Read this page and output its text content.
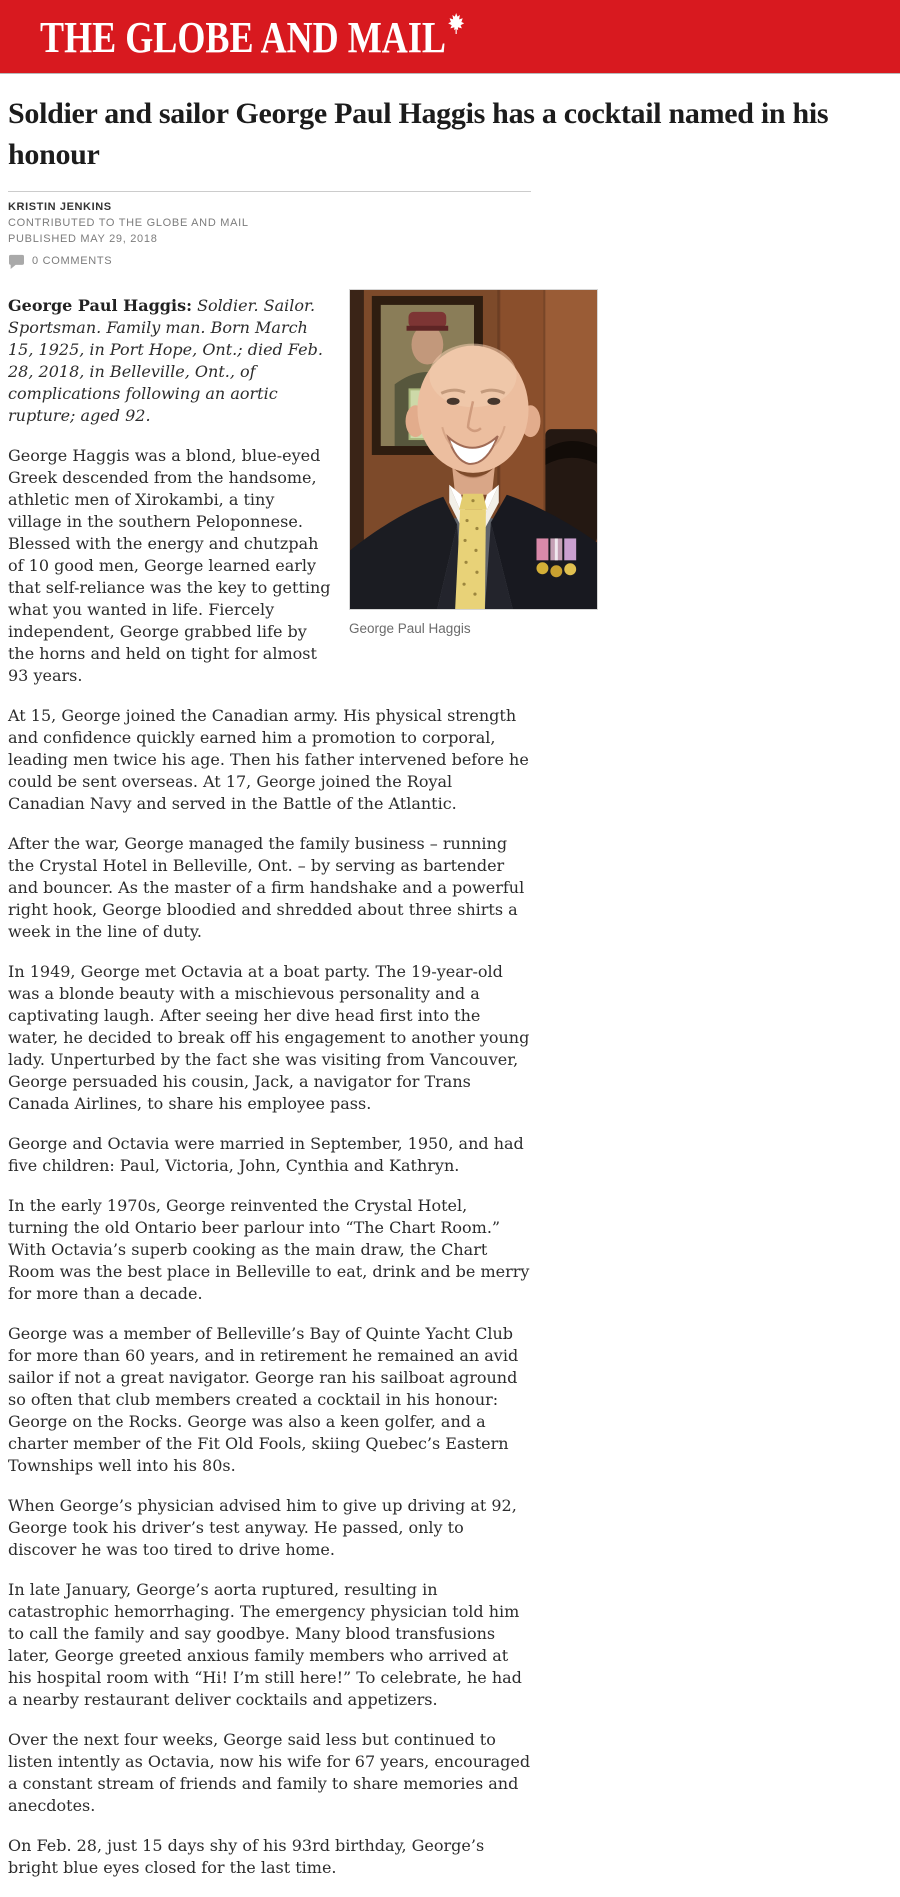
THE GLOBE AND MAIL
Soldier and sailor George Paul Haggis has a cocktail named in his honour
KRISTIN JENKINS
CONTRIBUTED TO THE GLOBE AND MAIL
PUBLISHED MAY 29, 2018
0 COMMENTS
George Paul Haggis

George Paul Haggis: Soldier. Sailor. Sportsman. Family man. Born March 15, 1925, in Port Hope, Ont.; died Feb. 28, 2018, in Belleville, Ont., of complications following an aortic rupture; aged 92.

George Haggis was a blond, blue-eyed Greek descended from the handsome, athletic men of Xirokambi, a tiny village in the southern Peloponnese. Blessed with the energy and chutzpah of 10 good men, George learned early that self-reliance was the key to getting what you wanted in life. Fiercely independent, George grabbed life by the horns and held on tight for almost 93 years.

At 15, George joined the Canadian army. His physical strength and confidence quickly earned him a promotion to corporal, leading men twice his age. Then his father intervened before he could be sent overseas. At 17, George joined the Royal Canadian Navy and served in the Battle of the Atlantic.

After the war, George managed the family business – running the Crystal Hotel in Belleville, Ont. – by serving as bartender and bouncer. As the master of a firm handshake and a powerful right hook, George bloodied and shredded about three shirts a week in the line of duty.

In 1949, George met Octavia at a boat party. The 19-year-old was a blonde beauty with a mischievous personality and a captivating laugh. After seeing her dive head first into the water, he decided to break off his engagement to another young lady. Unperturbed by the fact she was visiting from Vancouver, George persuaded his cousin, Jack, a navigator for Trans Canada Airlines, to share his employee pass.

George and Octavia were married in September, 1950, and had five children: Paul, Victoria, John, Cynthia and Kathryn.

In the early 1970s, George reinvented the Crystal Hotel, turning the old Ontario beer parlour into “The Chart Room.” With Octavia’s superb cooking as the main draw, the Chart Room was the best place in Belleville to eat, drink and be merry for more than a decade.

George was a member of Belleville’s Bay of Quinte Yacht Club for more than 60 years, and in retirement he remained an avid sailor if not a great navigator. George ran his sailboat aground so often that club members created a cocktail in his honour: George on the Rocks. George was also a keen golfer, and a charter member of the Fit Old Fools, skiing Quebec’s Eastern Townships well into his 80s.

When George’s physician advised him to give up driving at 92, George took his driver’s test anyway. He passed, only to discover he was too tired to drive home.

In late January, George’s aorta ruptured, resulting in catastrophic hemorrhaging. The emergency physician told him to call the family and say goodbye. Many blood transfusions later, George greeted anxious family members who arrived at his hospital room with “Hi! I’m still here!” To celebrate, he had a nearby restaurant deliver cocktails and appetizers.

Over the next four weeks, George said less but continued to listen intently as Octavia, now his wife for 67 years, encouraged a constant stream of friends and family to share memories and anecdotes.

On Feb. 28, just 15 days shy of his 93rd birthday, George’s bright blue eyes closed for the last time.
